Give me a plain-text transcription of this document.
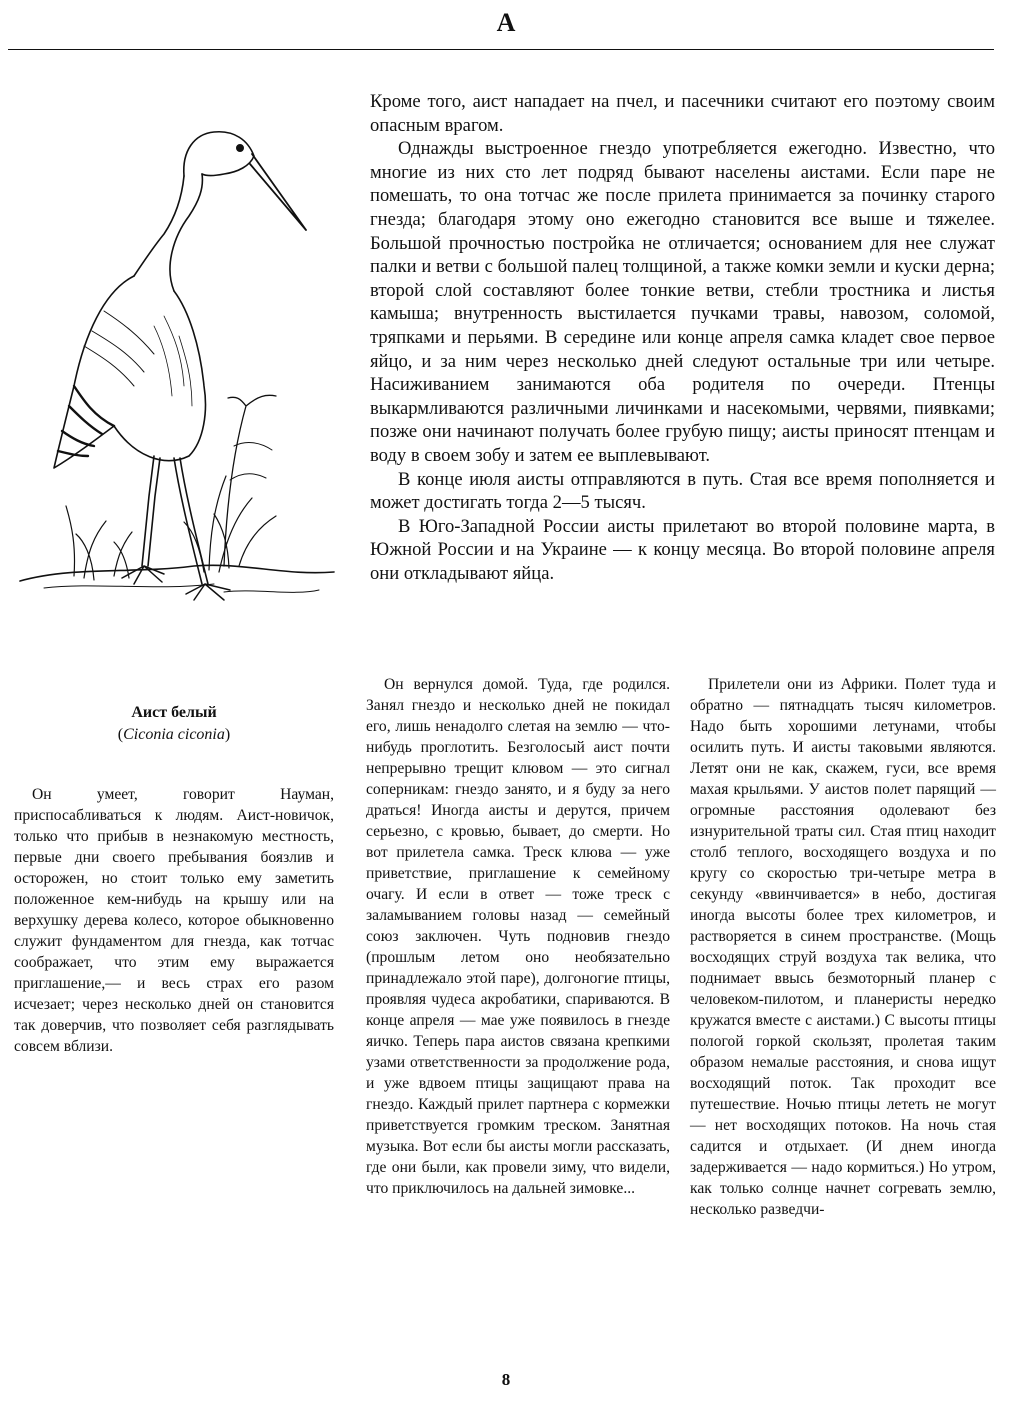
А

Кроме того, аист нападает на пчел, и пасечники считают его поэтому своим опасным врагом.

Однажды выстроенное гнездо употребляется ежегодно. Известно, что многие из них сто лет подряд бывают населены аистами. Если паре не помешать, то она тотчас же после прилета принимается за починку старого гнезда; благодаря этому оно ежегодно становится все выше и тяжелее. Большой прочностью постройка не отличается; основанием для нее служат палки и ветви с большой палец толщиной, а также комки земли и куски дерна; второй слой составляют более тонкие ветви, стебли тростника и листья камыша; внутренность выстилается пучками травы, навозом, соломой, тряпками и перьями. В середине или конце апреля самка кладет свое первое яйцо, и за ним через несколько дней следуют остальные три или четыре. Насиживанием занимаются оба родителя по очереди. Птенцы выкармливаются различными личинками и насекомыми, червями, пиявками; позже они начинают получать более грубую пищу; аисты приносят птенцам и воду в своем зобу и затем ее выплевывают.

В конце июля аисты отправляются в путь. Стая все время пополняется и может достигать тогда 2—5 тысяч.

В Юго-Западной России аисты прилетают во второй половине марта, в Южной России и на Украине — к концу месяца. Во второй половине апреля они откладывают яйца.

Аист белый
(Ciconia ciconia)

Он умеет, говорит Науман, приспосабливаться к людям. Аист-новичок, только что прибыв в незнакомую местность, первые дни своего пребывания боязлив и осторожен, но стоит только ему заметить положенное кем-нибудь на крышу или на верхушку дерева колесо, которое обыкновенно служит фундаментом для гнезда, как тотчас соображает, что этим ему выражается приглашение,— и весь страх его разом исчезает; через несколько дней он становится так доверчив, что позволяет себя разглядывать совсем вблизи.

Он вернулся домой. Туда, где родился. Занял гнездо и несколько дней не покидал его, лишь ненадолго слетая на землю — что-нибудь проглотить. Безголосый аист почти непрерывно трещит клювом — это сигнал соперникам: гнездо занято, и я буду за него драться! Иногда аисты и дерутся, причем серьезно, с кровью, бывает, до смерти. Но вот прилетела самка. Треск клюва — уже приветствие, приглашение к семейному очагу. И если в ответ — тоже треск с заламыванием головы назад — семейный союз заключен. Чуть подновив гнездо (прошлым летом оно необязательно принадлежало этой паре), долгоногие птицы, проявляя чудеса акробатики, спариваются. В конце апреля — мае уже появилось в гнезде яичко. Теперь пара аистов связана крепкими узами ответственности за продолжение рода, и уже вдвоем птицы защищают права на гнездо. Каждый прилет партнера с кормежки приветствуется громким треском. Занятная музыка. Вот если бы аисты могли рассказать, где они были, как провели зиму, что видели, что приключилось на дальней зимовке...

Прилетели они из Африки. Полет туда и обратно — пятнадцать тысяч километров. Надо быть хорошими летунами, чтобы осилить путь. И аисты таковыми являются. Летят они не как, скажем, гуси, все время махая крыльями. У аистов полет парящий — огромные расстояния одолевают без изнурительной траты сил. Стая птиц находит столб теплого, восходящего воздуха и по кругу со скоростью три-четыре метра в секунду «ввинчивается» в небо, достигая иногда высоты более трех километров, и растворяется в синем пространстве. (Мощь восходящих струй воздуха так велика, что поднимает ввысь безмоторный планер с человеком-пилотом, и планеристы нередко кружатся вместе с аистами.) С высоты птицы пологой горкой скользят, пролетая таким образом немалые расстояния, и снова ищут восходящий поток. Так проходит все путешествие. Ночью птицы лететь не могут — нет восходящих потоков. На ночь стая садится и отдыхает. (И днем иногда задерживается — надо кормиться.) Но утром, как только солнце начнет согревать землю, несколько разведчи-

8
